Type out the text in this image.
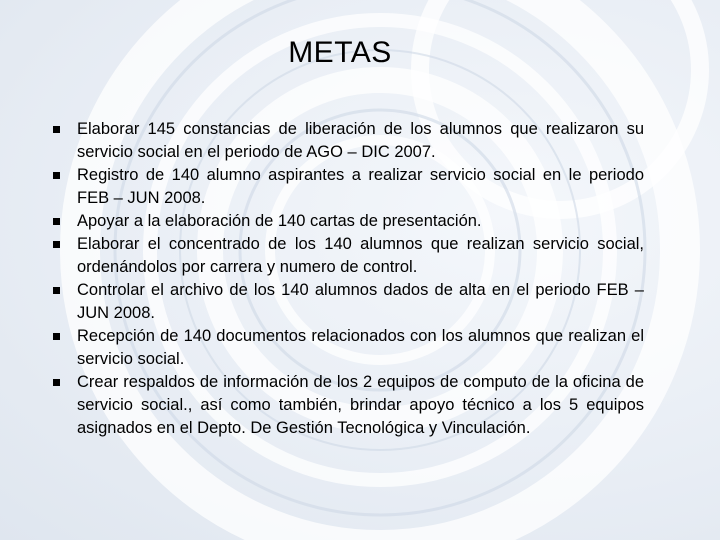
METAS
Elaborar 145 constancias de liberación de los alumnos que realizaron su servicio social en el periodo de AGO – DIC 2007.
Registro de 140 alumno aspirantes a realizar servicio social en le periodo FEB – JUN 2008.
Apoyar a la elaboración de 140 cartas de presentación.
Elaborar el concentrado de los 140 alumnos que realizan servicio social, ordenándolos por carrera y numero de control.
Controlar el archivo de los 140 alumnos dados de alta en el periodo FEB – JUN 2008.
Recepción de 140 documentos relacionados con los alumnos que realizan el servicio social.
Crear respaldos de información de los 2 equipos de computo de la oficina de servicio social., así como también, brindar apoyo técnico a los 5 equipos asignados en el Depto. De Gestión Tecnológica y Vinculación.
